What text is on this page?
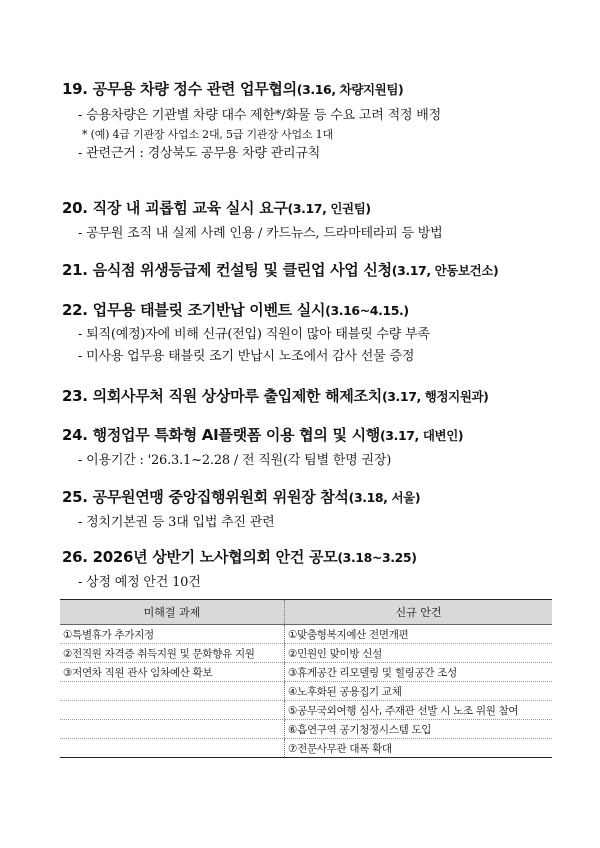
19. 공무용 차량 정수 관련 업무협의(3.16, 차량지원팀)
- 승용차량은 기관별 차량 대수 제한*/화물 등 수요 고려 적정 배정
* (예) 4급 기관장 사업소 2대, 5급 기관장 사업소 1대
- 관련근거 : 경상북도 공무용 차량 관리규칙
20. 직장 내 괴롭힘 교육 실시 요구(3.17, 인권팀)
- 공무원 조직 내 실제 사례 인용 / 카드뉴스, 드라마테라피 등 방법
21. 음식점 위생등급제 컨설팅 및 클린업 사업 신청(3.17, 안동보건소)
22. 업무용 태블릿 조기반납 이벤트 실시(3.16~4.15.)
- 퇴직(예정)자에 비해 신규(전입) 직원이 많아 태블릿 수량 부족
- 미사용 업무용 태블릿 조기 반납시 노조에서 감사 선물 증정
23. 의회사무처 직원 상상마루 출입제한 해제조치(3.17, 행정지원과)
24. 행정업무 특화형 AI플랫폼 이용 협의 및 시행(3.17, 대변인)
- 이용기간 : '26.3.1~2.28 / 전 직원(각 팀별 한명 권장)
25. 공무원연맹 중앙집행위원회 위원장 참석(3.18, 서울)
- 정치기본권 등 3대 입법 추진 관련
26. 2026년 상반기 노사협의회 안건 공모(3.18~3.25)
- 상정 예정 안건 10건
미해결 과제	신규 안건
①특별휴가 추가지정	①맞춤형복지예산 전면개편
②전직원 자격증 취득지원 및 문화향유 지원	②민원인 맞이방 신설
③저연차 직원 관사 임차예산 확보	③휴게공간 리모델링 및 힐링공간 조성
	④노후화된 공용집기 교체
	⑤공무국외여행 심사, 주재관 선발 시 노조 위원 참여
	⑥흡연구역 공기청정시스템 도입
	⑦전문사무관 대폭 확대
